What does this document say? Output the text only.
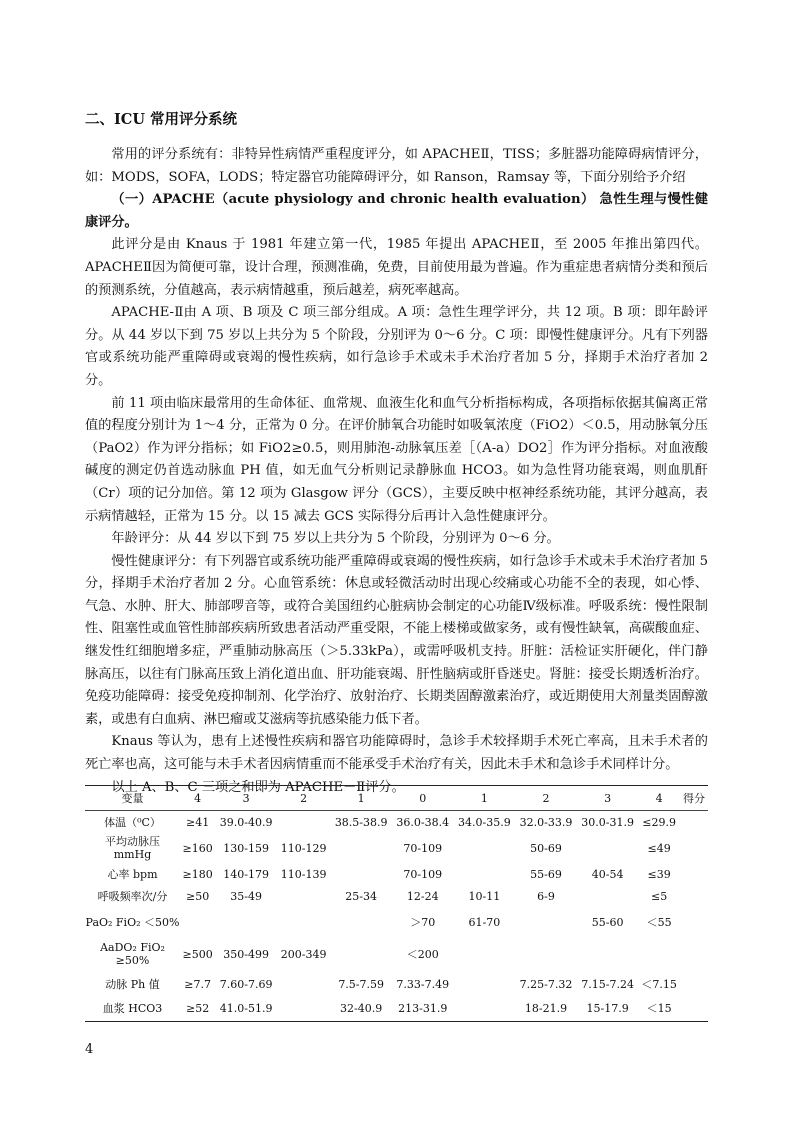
二、ICU 常用评分系统

常用的评分系统有：非特异性病情严重程度评分，如 APACHEⅡ，TISS；多脏器功能障碍病情评分，如：MODS，SOFA，LODS；特定器官功能障碍评分，如 Ranson，Ramsay 等，下面分别给予介绍

（一）APACHE（acute physiology and chronic health evaluation） 急性生理与慢性健康评分。

此评分是由 Knaus 于 1981 年建立第一代，1985 年提出 APACHEⅡ，至 2005 年推出第四代。APACHEⅡ因为简便可靠，设计合理，预测准确，免费，目前使用最为普遍。作为重症患者病情分类和预后的预测系统，分值越高，表示病情越重，预后越差，病死率越高。

APACHE-Ⅱ由 A 项、B 项及 C 项三部分组成。A 项：急性生理学评分，共 12 项。B 项：即年龄评分。从 44 岁以下到 75 岁以上共分为 5 个阶段，分别评为 0～6 分。C 项：即慢性健康评分。凡有下列器官或系统功能严重障碍或衰竭的慢性疾病，如行急诊手术或未手术治疗者加 5 分，择期手术治疗者加 2 分。

前 11 项由临床最常用的生命体征、血常规、血液生化和血气分析指标构成，各项指标依据其偏离正常值的程度分别计为 1～4 分，正常为 0 分。在评价肺氧合功能时如吸氧浓度（FiO2）＜0.5，用动脉氧分压（PaO2）作为评分指标；如 FiO2≥0.5，则用肺泡-动脉氧压差［（A-a）DO2］作为评分指标。对血液酸碱度的测定仍首选动脉血 PH 值，如无血气分析则记录静脉血 HCO3。如为急性肾功能衰竭，则血肌酐（Cr）项的记分加倍。第 12 项为 Glasgow 评分（GCS），主要反映中枢神经系统功能，其评分越高，表示病情越轻，正常为 15 分。以 15 减去 GCS 实际得分后再计入急性健康评分。

年龄评分：从 44 岁以下到 75 岁以上共分为 5 个阶段，分别评为 0～6 分。

慢性健康评分：有下列器官或系统功能严重障碍或衰竭的慢性疾病，如行急诊手术或未手术治疗者加 5 分，择期手术治疗者加 2 分。心血管系统：休息或轻微活动时出现心绞痛或心功能不全的表现，如心悸、气急、水肿、肝大、肺部啰音等，或符合美国纽约心脏病协会制定的心功能Ⅳ级标准。呼吸系统：慢性限制性、阻塞性或血管性肺部疾病所致患者活动严重受限，不能上楼梯或做家务，或有慢性缺氧，高碳酸血症、继发性红细胞增多症，严重肺动脉高压（＞5.33kPa），或需呼吸机支持。肝脏：活检证实肝硬化，伴门静脉高压，以往有门脉高压致上消化道出血、肝功能衰竭、肝性脑病或肝昏迷史。肾脏：接受长期透析治疗。免疫功能障碍：接受免疫抑制剂、化学治疗、放射治疗、长期类固醇激素治疗，或近期使用大剂量类固醇激素，或患有白血病、淋巴瘤或艾滋病等抗感染能力低下者。

Knaus 等认为，患有上述慢性疾病和器官功能障碍时，急诊手术较择期手术死亡率高，且未手术者的死亡率也高，这可能与未手术者因病情重而不能承受手术治疗有关，因此未手术和急诊手术同样计分。

以上 A、B、C 三项之和即为 APACHE－Ⅱ评分。

变量	4	3	2	1	0	1	2	3	4	得分
体温（⁰C）	≥41	39.0-40.9		38.5-38.9	36.0-38.4	34.0-35.9	32.0-33.9	30.0-31.9	≤29.9	
平均动脉压 mmHg	≥160	130-159	110-129		70-109		50-69		≤49	
心率 bpm	≥180	140-179	110-139		70-109		55-69	40-54	≤39	
呼吸频率次/分	≥50	35-49		25-34	12-24	10-11	6-9		≤5	
PaO₂ FiO₂ ＜50%					＞70	61-70		55-60	＜55	
AaDO₂ FiO₂ ≥50%	≥500	350-499	200-349		＜200					
动脉 Ph 值	≥7.7	7.60-7.69		7.5-7.59	7.33-7.49		7.25-7.32	7.15-7.24	＜7.15	
血浆 HCO3	≥52	41.0-51.9		32-40.9	213-31.9		18-21.9	15-17.9	＜15	
4
